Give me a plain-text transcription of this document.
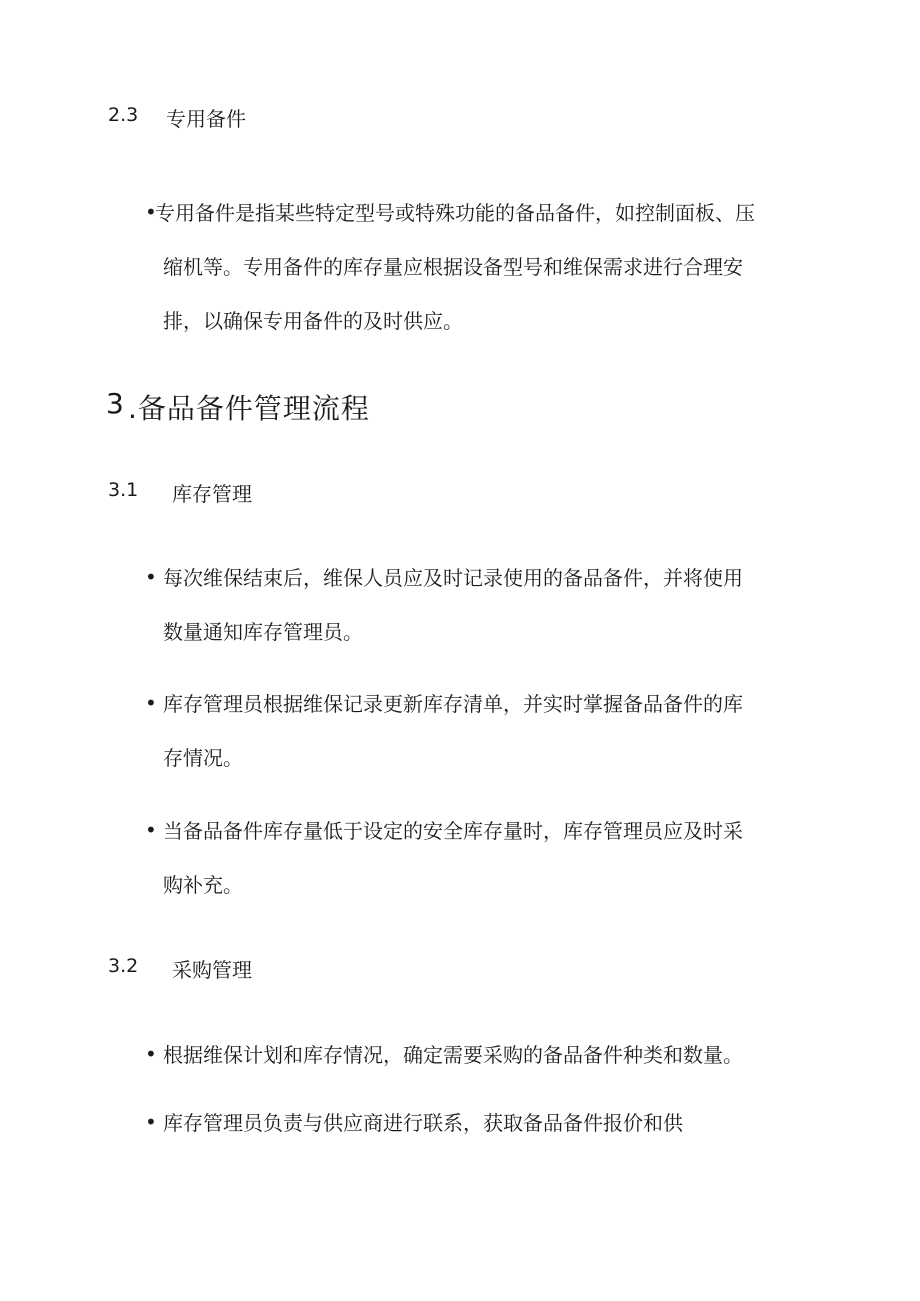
2.3 专用备件
•
专用备件是指某些特定型号或特殊功能的备品备件，如控制面板、压
缩机等。专用备件的库存量应根据设备型号和维保需求进行合理安
排，以确保专用备件的及时供应。
3 .备品备件管理流程
3.1 库存管理
• 每次维保结束后，维保人员应及时记录使用的备品备件，并将使用
数量通知库存管理员。
• 库存管理员根据维保记录更新库存清单，并实时掌握备品备件的库
存情况。
• 当备品备件库存量低于设定的安全库存量时，库存管理员应及时采
购补充。
3.2 采购管理
• 根据维保计划和库存情况，确定需要采购的备品备件种类和数量。
• 库存管理员负责与供应商进行联系，获取备品备件报价和供
